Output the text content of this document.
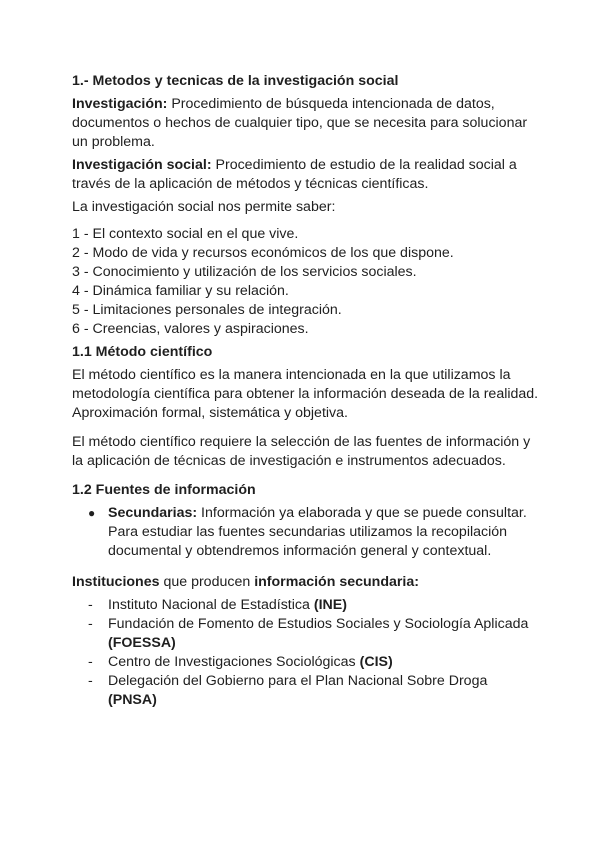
1.- Metodos y tecnicas de la investigación social

Investigación: Procedimiento de búsqueda intencionada de datos, documentos o hechos de cualquier tipo, que se necesita para solucionar un problema.

Investigación social: Procedimiento de estudio de la realidad social a través de la aplicación de métodos y técnicas científicas.

La investigación social nos permite saber:

1 - El contexto social en el que vive.
2 - Modo de vida y recursos económicos de los que dispone.
3 - Conocimiento y utilización de los servicios sociales.
4 - Dinámica familiar y su relación.
5 - Limitaciones personales de integración.
6 - Creencias, valores y aspiraciones.
1.1 Método científico

El método científico es la manera intencionada en la que utilizamos la metodología científica para obtener la información deseada de la realidad. Aproximación formal, sistemática y objetiva.

El método científico requiere la selección de las fuentes de información y la aplicación de técnicas de investigación e instrumentos adecuados.

1.2 Fuentes de información
● Secundarias: Información ya elaborada y que se puede consultar. Para estudiar las fuentes secundarias utilizamos la recopilación documental y obtendremos información general y contextual.

Instituciones que producen información secundaria:

-	Instituto Nacional de Estadística (INE)

-	Fundación de Fomento de Estudios Sociales y Sociología Aplicada (FOESSA)

-	Centro de Investigaciones Sociológicas (CIS)

-	Delegación del Gobierno para el Plan Nacional Sobre Droga (PNSA)
